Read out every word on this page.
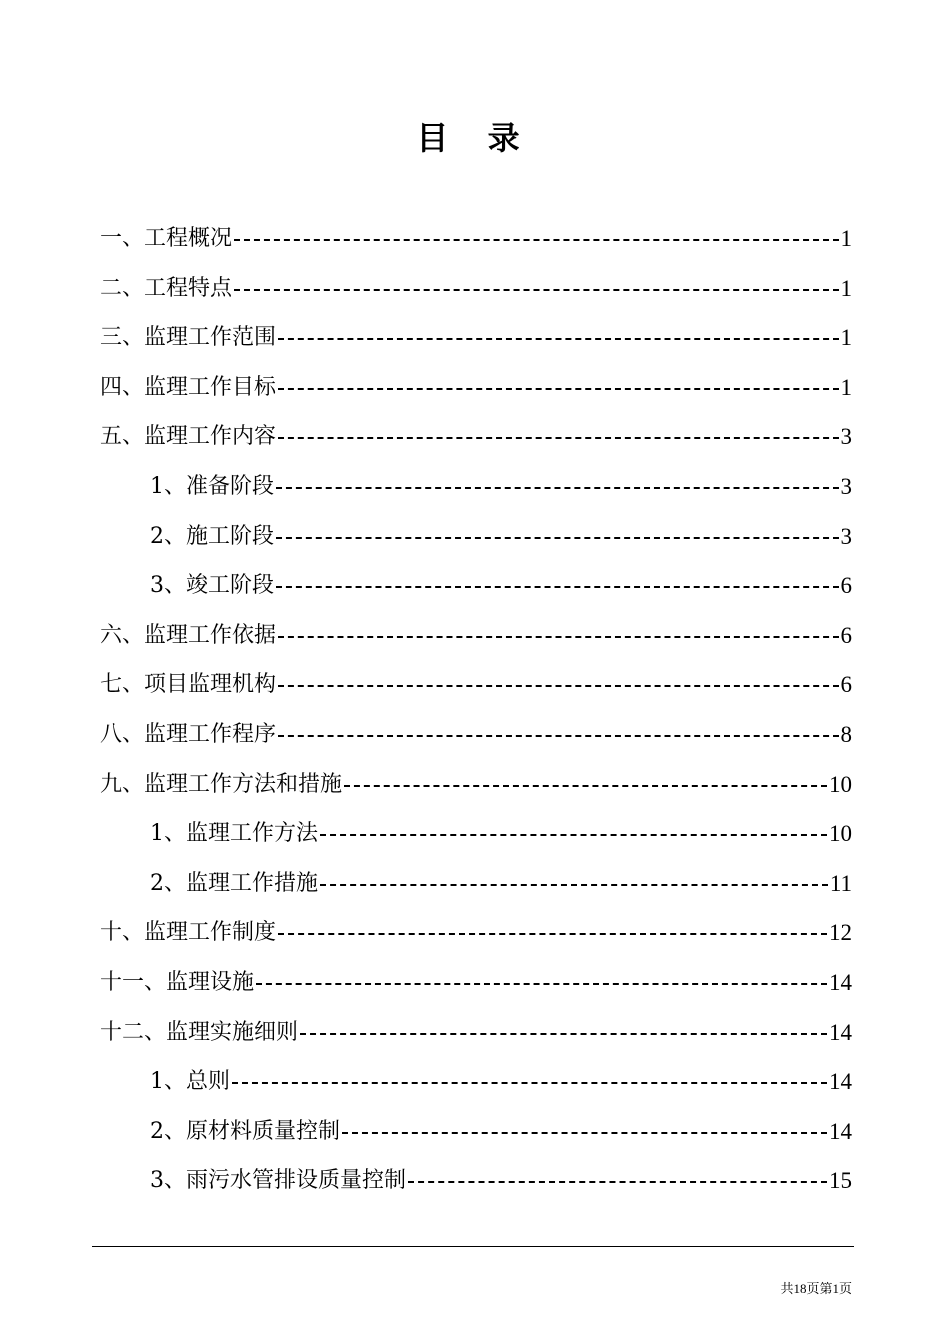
目 录
一、工程概况	1
二、工程特点	1
三、监理工作范围	1
四、监理工作目标	1
五、监理工作内容	3
1、准备阶段	3
2、施工阶段	3
3、竣工阶段	6
六、监理工作依据	6
七、项目监理机构	6
八、监理工作程序	8
九、监理工作方法和措施	10
1、监理工作方法	10
2、监理工作措施	11
十、监理工作制度	12
十一、监理设施	14
十二、监理实施细则	14
1、总则	14
2、原材料质量控制	14
3、雨污水管排设质量控制	15
共18页第1页
